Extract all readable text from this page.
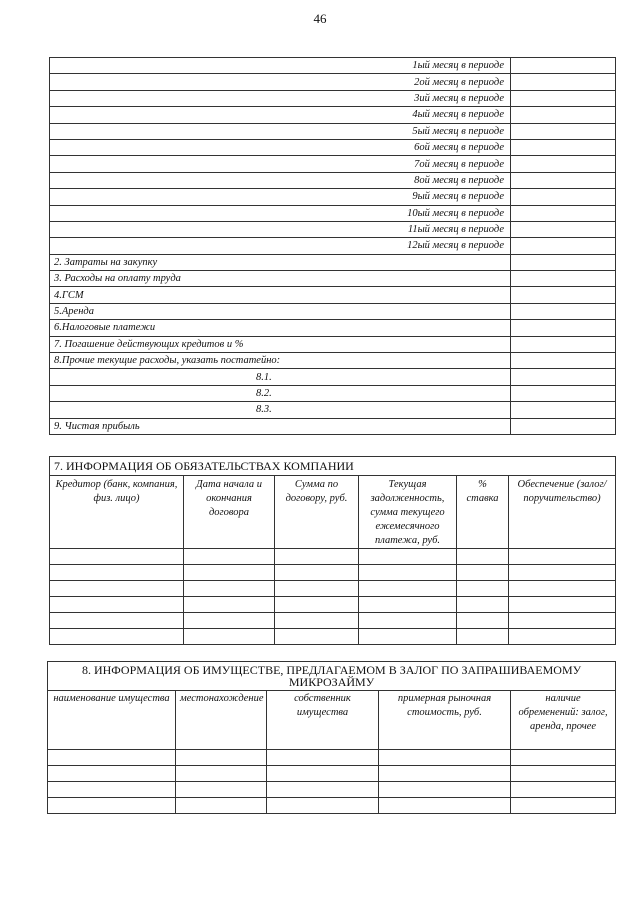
46
1ый месяц в периоде	
2ой месяц в периоде	
3ий месяц в периоде	
4ый месяц в периоде	
5ый месяц в периоде	
6ой месяц в периоде	
7ой месяц в периоде	
8ой месяц в периоде	
9ый месяц в периоде	
10ый месяц в периоде	
11ый месяц в периоде	
12ый месяц в периоде	
2. Затраты на закупку	
3. Расходы на оплату труда	
4.ГСМ	
5.Аренда	
6.Налоговые платежи	
7. Погашение действующих кредитов и %	
8.Прочие текущие расходы, указать постатейно:	
8.1.	
8.2.	
8.3.	
9. Чистая прибыль	
7. ИНФОРМАЦИЯ ОБ ОБЯЗАТЕЛЬСТВАХ КОМПАНИИ					
Кредитор (банк, компания, физ. лицо)	Дата начала и окончания договора	Сумма по договору, руб.	Текущая задолженность, сумма текущего ежемесячного платежа, руб.	% ставка	Обеспечение (залог/ поручительство)

8. ИНФОРМАЦИЯ ОБ ИМУЩЕСТВЕ, ПРЕДЛАГАЕМОМ В ЗАЛОГ ПО ЗАПРАШИВАЕМОМУ МИКРОЗАЙМУ				
наименование имущества	местонахождение	собственник имущества	примерная рыночная стоимость, руб.	наличие обременений: залог, аренда, прочее
